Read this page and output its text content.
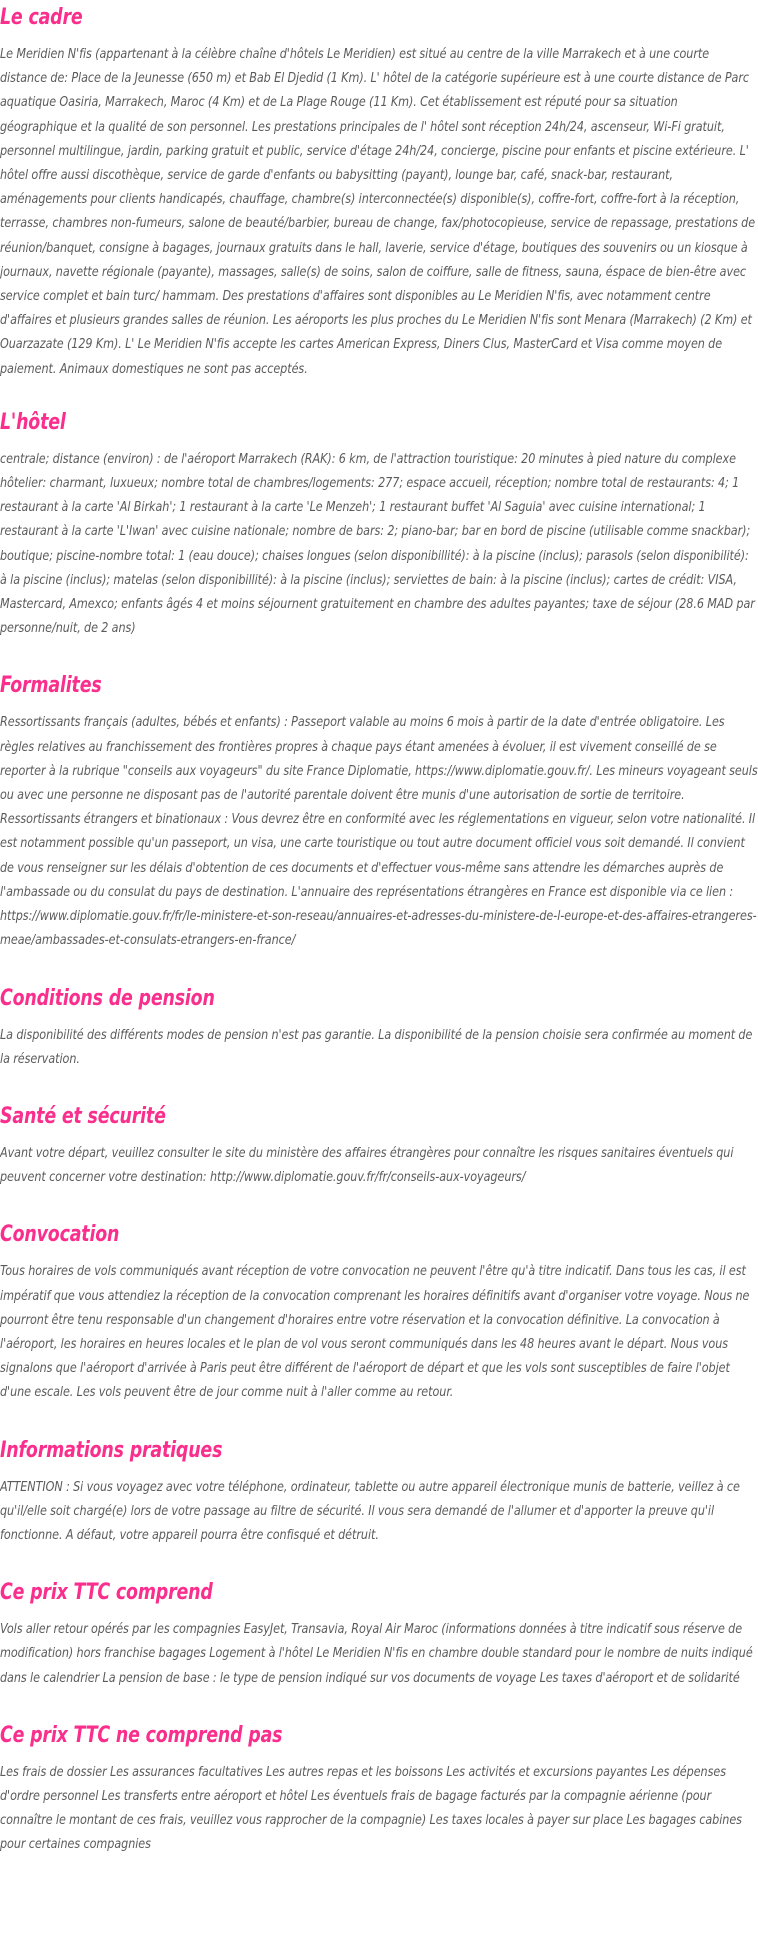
Le cadre

Le Meridien N'fis (appartenant à la célèbre chaîne d'hôtels Le Meridien) est situé au centre de la ville Marrakech et à une courte distance de: Place de la Jeunesse (650 m) et Bab El Djedid (1 Km). L' hôtel de la catégorie supérieure est à une courte distance de Parc aquatique Oasiria, Marrakech, Maroc (4 Km) et de La Plage Rouge (11 Km). Cet établissement est réputé pour sa situation géographique et la qualité de son personnel. Les prestations principales de l' hôtel sont réception 24h/24, ascenseur, Wi-Fi gratuit, personnel multilingue, jardin, parking gratuit et public, service d'étage 24h/24, concierge, piscine pour enfants et piscine extérieure. L' hôtel offre aussi discothèque, service de garde d'enfants ou babysitting (payant), lounge bar, café, snack-bar, restaurant, aménagements pour clients handicapés, chauffage, chambre(s) interconnectée(s) disponible(s), coffre-fort, coffre-fort à la réception, terrasse, chambres non-fumeurs, salone de beauté/barbier, bureau de change, fax/photocopieuse, service de repassage, prestations de réunion/banquet, consigne à bagages, journaux gratuits dans le hall, laverie, service d'étage, boutiques des souvenirs ou un kiosque à journaux, navette régionale (payante), massages, salle(s) de soins, salon de coiffure, salle de fitness, sauna, éspace de bien-être avec service complet et bain turc/ hammam. Des prestations d'affaires sont disponibles au Le Meridien N'fis, avec notamment centre d'affaires et plusieurs grandes salles de réunion. Les aéroports les plus proches du Le Meridien N'fis sont Menara (Marrakech) (2 Km) et Ouarzazate (129 Km). L' Le Meridien N'fis accepte les cartes American Express, Diners Clus, MasterCard et Visa comme moyen de paiement. Animaux domestiques ne sont pas acceptés.

L'hôtel

centrale; distance (environ) : de l'aéroport Marrakech (RAK): 6 km, de l'attraction touristique: 20 minutes à pied nature du complexe hôtelier: charmant, luxueux; nombre total de chambres/logements: 277; espace accueil, réception; nombre total de restaurants: 4; 1 restaurant à la carte 'Al Birkah'; 1 restaurant à la carte 'Le Menzeh'; 1 restaurant buffet 'Al Saguia' avec cuisine international; 1 restaurant à la carte 'L'Iwan' avec cuisine nationale; nombre de bars: 2; piano-bar; bar en bord de piscine (utilisable comme snackbar); boutique; piscine-nombre total: 1 (eau douce); chaises longues (selon disponibillité): à la piscine (inclus); parasols (selon disponibilité): à la piscine (inclus); matelas (selon disponibillité): à la piscine (inclus); serviettes de bain: à la piscine (inclus); cartes de crédit: VISA, Mastercard, Amexco; enfants âgés 4 et moins séjournent gratuitement en chambre des adultes payantes; taxe de séjour (28.6 MAD par personne/nuit, de 2 ans)

Formalites

Ressortissants français (adultes, bébés et enfants) : Passeport valable au moins 6 mois à partir de la date d'entrée obligatoire. Les règles relatives au franchissement des frontières propres à chaque pays étant amenées à évoluer, il est vivement conseillé de se reporter à la rubrique "conseils aux voyageurs" du site France Diplomatie, https://www.diplomatie.gouv.fr/. Les mineurs voyageant seuls ou avec une personne ne disposant pas de l'autorité parentale doivent être munis d'une autorisation de sortie de territoire. Ressortissants étrangers et binationaux : Vous devrez être en conformité avec les réglementations en vigueur, selon votre nationalité. Il est notamment possible qu'un passeport, un visa, une carte touristique ou tout autre document officiel vous soit demandé. Il convient de vous renseigner sur les délais d'obtention de ces documents et d'effectuer vous-même sans attendre les démarches auprès de l'ambassade ou du consulat du pays de destination. L'annuaire des représentations étrangères en France est disponible via ce lien : https://www.diplomatie.gouv.fr/fr/le-ministere-et-son-reseau/annuaires-et-adresses-du-ministere-de-l-europe-et-des-affaires-etrangeres-meae/ambassades-et-consulats-etrangers-en-france/

Conditions de pension

La disponibilité des différents modes de pension n'est pas garantie. La disponibilité de la pension choisie sera confirmée au moment de la réservation.

Santé et sécurité

Avant votre départ, veuillez consulter le site du ministère des affaires étrangères pour connaître les risques sanitaires éventuels qui peuvent concerner votre destination: http://www.diplomatie.gouv.fr/fr/conseils-aux-voyageurs/

Convocation

Tous horaires de vols communiqués avant réception de votre convocation ne peuvent l'être qu'à titre indicatif. Dans tous les cas, il est impératif que vous attendiez la réception de la convocation comprenant les horaires définitifs avant d'organiser votre voyage. Nous ne pourront être tenu responsable d'un changement d'horaires entre votre réservation et la convocation définitive. La convocation à l'aéroport, les horaires en heures locales et le plan de vol vous seront communiqués dans les 48 heures avant le départ. Nous vous signalons que l'aéroport d'arrivée à Paris peut être différent de l'aéroport de départ et que les vols sont susceptibles de faire l'objet d'une escale. Les vols peuvent être de jour comme nuit à l'aller comme au retour.

Informations pratiques

ATTENTION : Si vous voyagez avec votre téléphone, ordinateur, tablette ou autre appareil électronique munis de batterie, veillez à ce qu'il/elle soit chargé(e) lors de votre passage au filtre de sécurité. Il vous sera demandé de l'allumer et d'apporter la preuve qu'il fonctionne. A défaut, votre appareil pourra être confisqué et détruit.

Ce prix TTC comprend

Vols aller retour opérés par les compagnies EasyJet, Transavia, Royal Air Maroc (informations données à titre indicatif sous réserve de modification) hors franchise bagages Logement à l'hôtel Le Meridien N'fis en chambre double standard pour le nombre de nuits indiqué dans le calendrier La pension de base : le type de pension indiqué sur vos documents de voyage Les taxes d'aéroport et de solidarité

Ce prix TTC ne comprend pas

Les frais de dossier Les assurances facultatives Les autres repas et les boissons Les activités et excursions payantes Les dépenses d'ordre personnel Les transferts entre aéroport et hôtel Les éventuels frais de bagage facturés par la compagnie aérienne (pour connaître le montant de ces frais, veuillez vous rapprocher de la compagnie) Les taxes locales à payer sur place Les bagages cabines pour certaines compagnies
